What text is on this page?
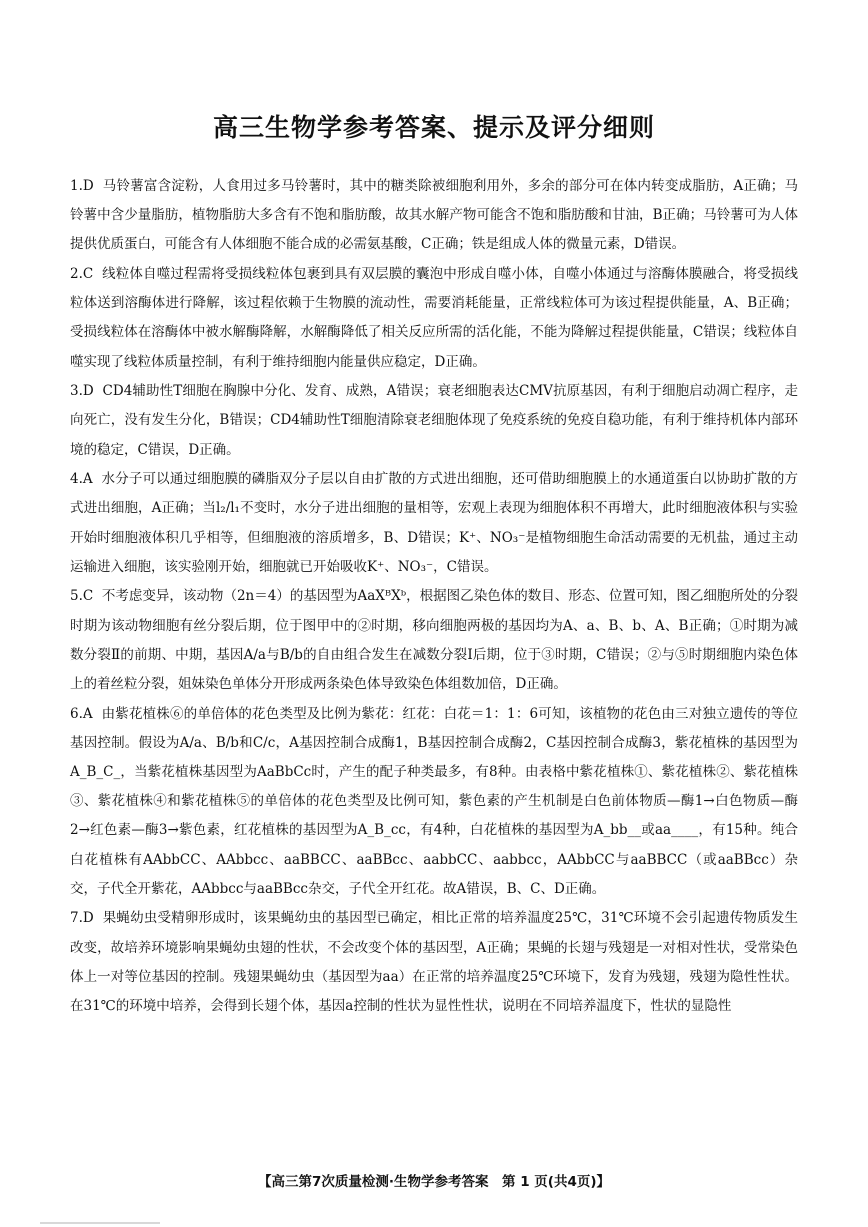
高三生物学参考答案、提示及评分细则

1.D 马铃薯富含淀粉，人食用过多马铃薯时，其中的糖类除被细胞利用外，多余的部分可在体内转变成脂肪，A正确；马铃薯中含少量脂肪，植物脂肪大多含有不饱和脂肪酸，故其水解产物可能含不饱和脂肪酸和甘油，B正确；马铃薯可为人体提供优质蛋白，可能含有人体细胞不能合成的必需氨基酸，C正确；铁是组成人体的微量元素，D错误。

2.C 线粒体自噬过程需将受损线粒体包裹到具有双层膜的囊泡中形成自噬小体，自噬小体通过与溶酶体膜融合，将受损线粒体送到溶酶体进行降解，该过程依赖于生物膜的流动性，需要消耗能量，正常线粒体可为该过程提供能量，A、B正确；受损线粒体在溶酶体中被水解酶降解，水解酶降低了相关反应所需的活化能，不能为降解过程提供能量，C错误；线粒体自噬实现了线粒体质量控制，有利于维持细胞内能量供应稳定，D正确。

3.D CD4辅助性T细胞在胸腺中分化、发育、成熟，A错误；衰老细胞表达CMV抗原基因，有利于细胞启动凋亡程序，走向死亡，没有发生分化，B错误；CD4辅助性T细胞清除衰老细胞体现了免疫系统的免疫自稳功能，有利于维持机体内部环境的稳定，C错误，D正确。

4.A 水分子可以通过细胞膜的磷脂双分子层以自由扩散的方式进出细胞，还可借助细胞膜上的水通道蛋白以协助扩散的方式进出细胞，A正确；当l₂/l₁不变时，水分子进出细胞的量相等，宏观上表现为细胞体积不再增大，此时细胞液体积与实验开始时细胞液体积几乎相等，但细胞液的溶质增多，B、D错误；K⁺、NO₃⁻是植物细胞生命活动需要的无机盐，通过主动运输进入细胞，该实验刚开始，细胞就已开始吸收K⁺、NO₃⁻，C错误。

5.C 不考虑变异，该动物（2n＝4）的基因型为AaXᴮXᵇ，根据图乙染色体的数目、形态、位置可知，图乙细胞所处的分裂时期为该动物细胞有丝分裂后期，位于图甲中的②时期，移向细胞两极的基因均为A、a、B、b、A、B正确；①时期为减数分裂Ⅱ的前期、中期，基因A/a与B/b的自由组合发生在减数分裂Ⅰ后期，位于③时期，C错误；②与⑤时期细胞内染色体上的着丝粒分裂，姐妹染色单体分开形成两条染色体导致染色体组数加倍，D正确。

6.A 由紫花植株⑥的单倍体的花色类型及比例为紫花：红花：白花＝1：1：6可知，该植物的花色由三对独立遗传的等位基因控制。假设为A/a、B/b和C/c，A基因控制合成酶1，B基因控制合成酶2，C基因控制合成酶3，紫花植株的基因型为A_B_C_，当紫花植株基因型为AaBbCc时，产生的配子种类最多，有8种。由表格中紫花植株①、紫花植株②、紫花植株③、紫花植株④和紫花植株⑤的单倍体的花色类型及比例可知，紫色素的产生机制是白色前体物质—酶1→白色物质—酶2→红色素—酶3→紫色素，红花植株的基因型为A_B_cc，有4种，白花植株的基因型为A_bb__或aa____，有15种。纯合白花植株有AAbbCC、AAbbcc、aaBBCC、aaBBcc、aabbCC、aabbcc，AAbbCC与aaBBCC（或aaBBcc）杂交，子代全开紫花，AAbbcc与aaBBcc杂交，子代全开红花。故A错误，B、C、D正确。

7.D 果蝇幼虫受精卵形成时，该果蝇幼虫的基因型已确定，相比正常的培养温度25℃，31℃环境不会引起遗传物质发生改变，故培养环境影响果蝇幼虫翅的性状，不会改变个体的基因型，A正确；果蝇的长翅与残翅是一对相对性状，受常染色体上一对等位基因的控制。残翅果蝇幼虫（基因型为aa）在正常的培养温度25℃环境下，发育为残翅，残翅为隐性性状。在31℃的环境中培养，会得到长翅个体，基因a控制的性状为显性性状，说明在不同培养温度下，性状的显隐性

【高三第7次质量检测·生物学参考答案　第 1 页(共4页)】
